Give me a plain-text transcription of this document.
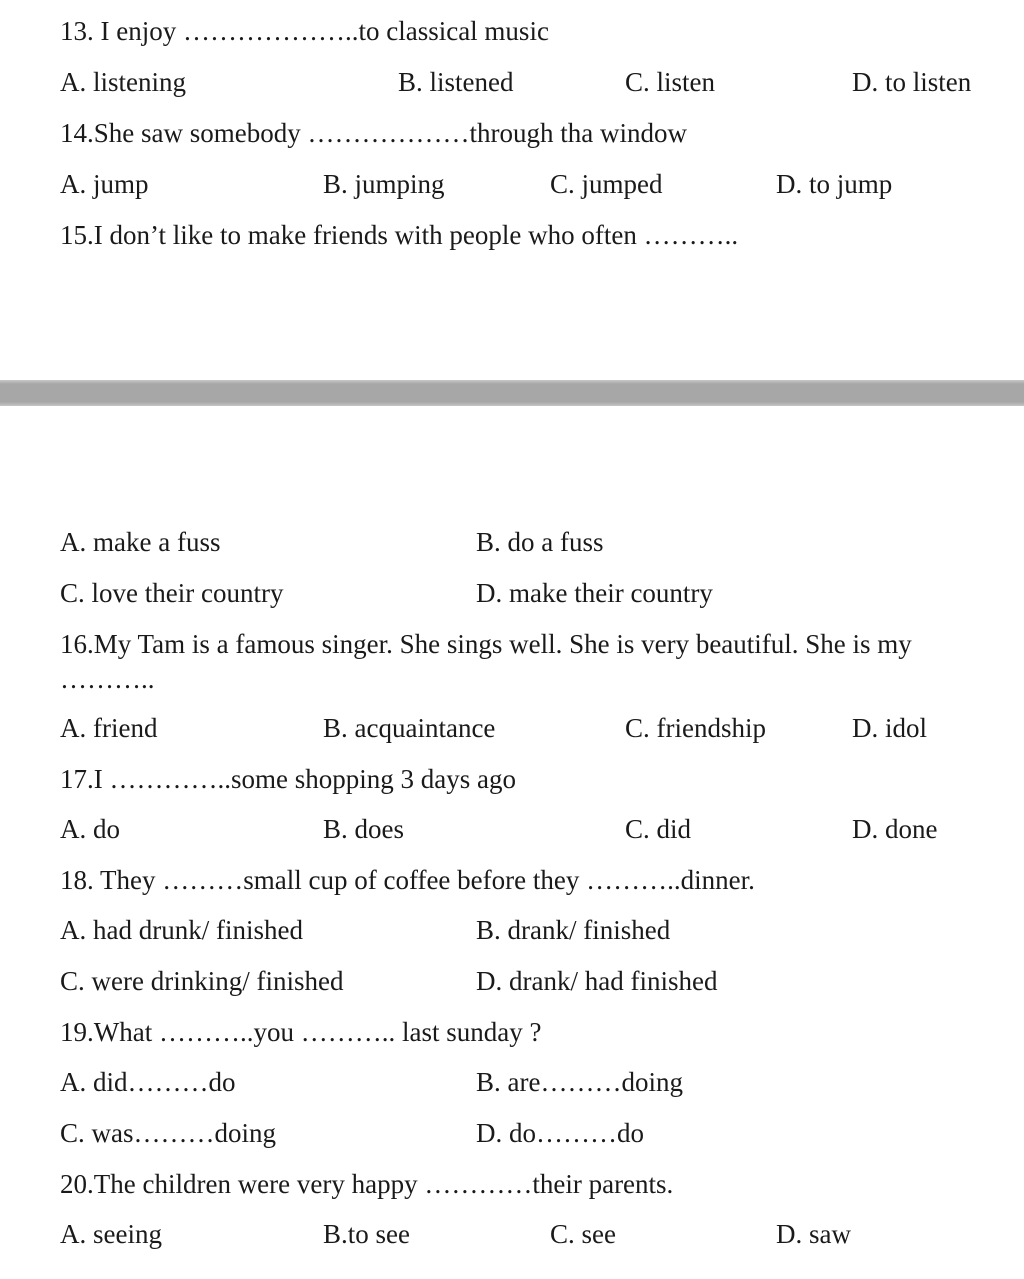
13. I enjoy ………………..to classical music
A. listening	B. listened	C. listen	D. to listen
14.She saw somebody ………………through tha window
A. jump	B. jumping	C. jumped	D. to jump
15.I don’t like to make friends with people who often ………..
A. make a fuss	B. do a fuss
C. love their country	D. make their country
16.My Tam is a famous singer. She sings well. She is very beautiful. She is my
………..
A. friend	B. acquaintance	C. friendship	D. idol
17.I …………..some shopping 3 days ago
A. do	B. does	C. did	D. done
18. They ………small cup of coffee before they ………..dinner.
A. had drunk/ finished	B. drank/ finished
C. were drinking/ finished	D. drank/ had finished
19.What ………..you ……….. last sunday ?
A. did………do	B. are………doing
C. was………doing	D. do………do
20.The children were very happy …………their parents.
A. seeing	B.to see	C. see	D. saw
